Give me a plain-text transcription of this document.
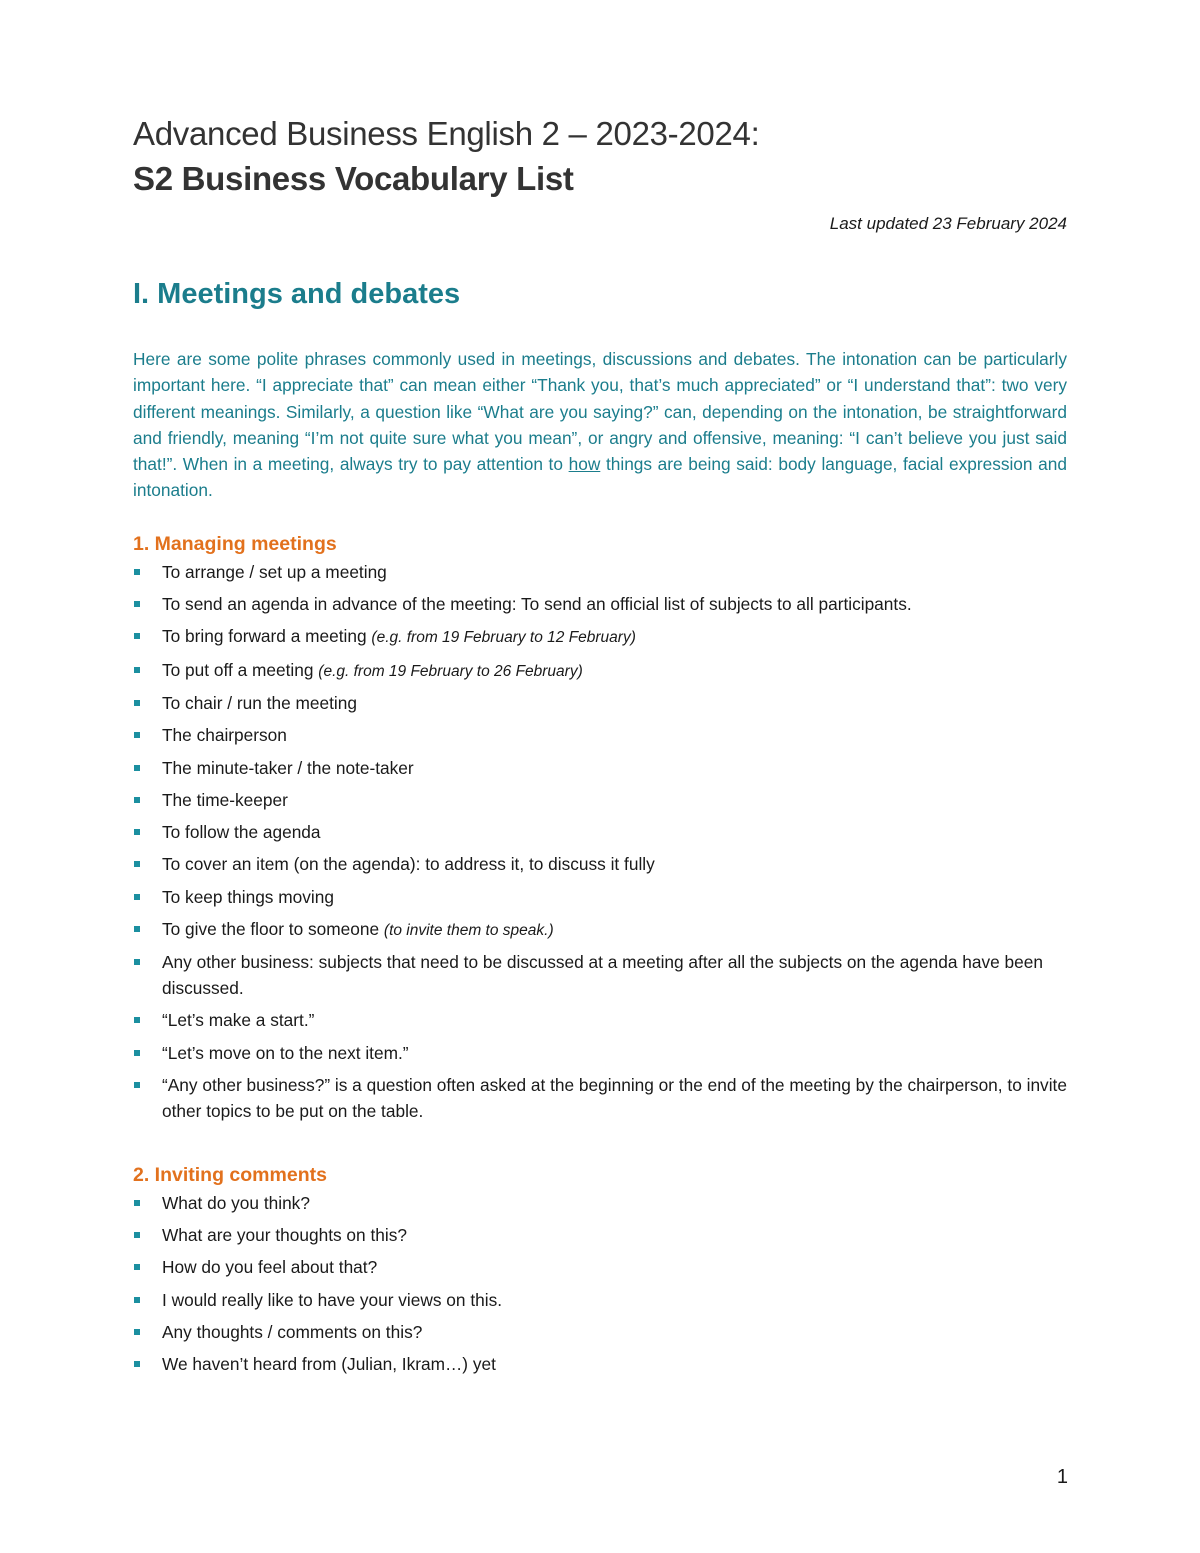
Advanced Business English 2 – 2023-2024:
S2 Business Vocabulary List
Last updated 23 February 2024
I. Meetings and debates

Here are some polite phrases commonly used in meetings, discussions and debates. The intonation can be particularly important here. “I appreciate that” can mean either “Thank you, that’s much appreciated” or “I understand that”: two very different meanings. Similarly, a question like “What are you saying?” can, depending on the intonation, be straightforward and friendly, meaning “I’m not quite sure what you mean”, or angry and offensive, meaning: “I can’t believe you just said that!”. When in a meeting, always try to pay attention to how things are being said: body language, facial expression and intonation.

1. Managing meetings
To arrange / set up a meeting
To send an agenda in advance of the meeting: To send an official list of subjects to all participants.
To bring forward a meeting (e.g. from 19 February to 12 February)
To put off a meeting (e.g. from 19 February to 26 February)
To chair / run the meeting
The chairperson
The minute-taker / the note-taker
The time-keeper
To follow the agenda
To cover an item (on the agenda): to address it, to discuss it fully
To keep things moving
To give the floor to someone (to invite them to speak.)
Any other business: subjects that need to be discussed at a meeting after all the subjects on the agenda have been discussed.
“Let’s make a start.”
“Let’s move on to the next item.”
“Any other business?” is a question often asked at the beginning or the end of the meeting by the chairperson, to invite other topics to be put on the table.
2. Inviting comments
What do you think?
What are your thoughts on this?
How do you feel about that?
I would really like to have your views on this.
Any thoughts / comments on this?
We haven’t heard from (Julian, Ikram…) yet
1
